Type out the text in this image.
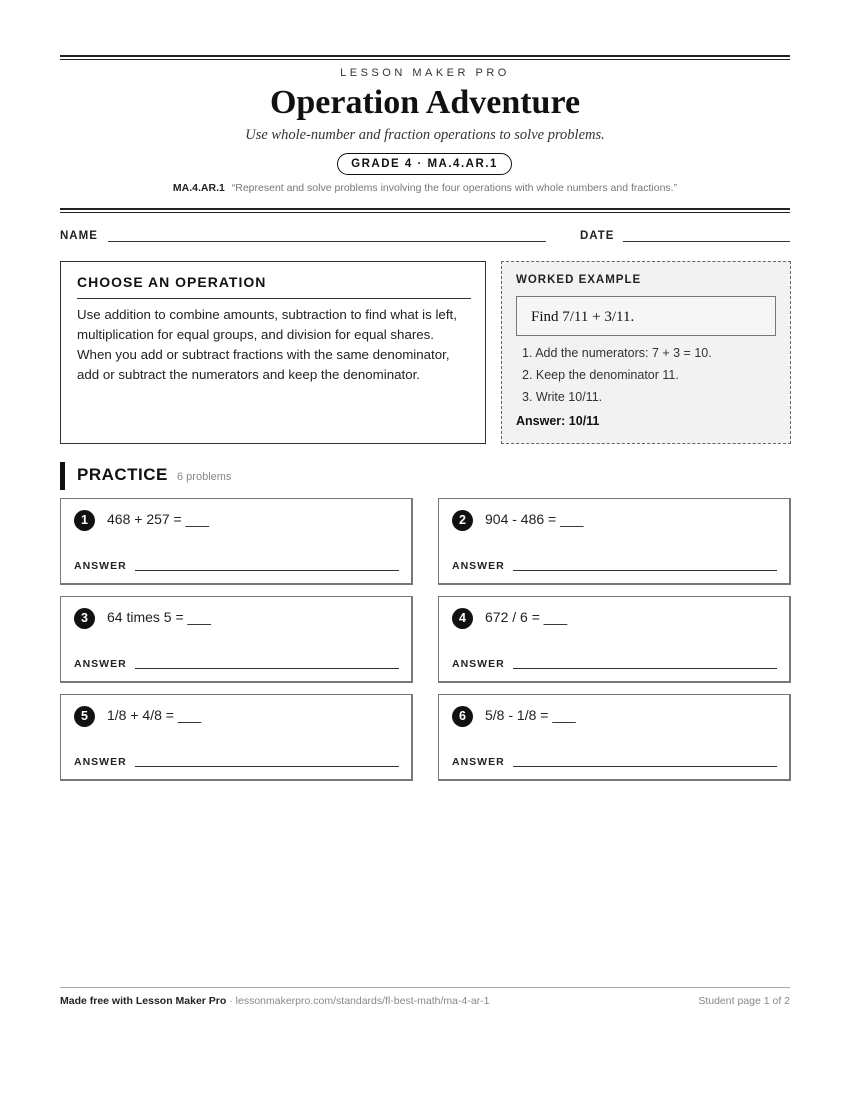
LESSON MAKER PRO
Operation Adventure
Use whole-number and fraction operations to solve problems.
GRADE 4 · MA.4.AR.1
MA.4.AR.1 “Represent and solve problems involving the four operations with whole numbers and fractions.”
NAME	DATE
CHOOSE AN OPERATION

Use addition to combine amounts, subtraction to find what is left, multiplication for equal groups, and division for equal shares. When you add or subtract fractions with the same denominator, add or subtract the numerators and keep the denominator.

WORKED EXAMPLE
Find 7/11 + 3/11.
1. Add the numerators: 7 + 3 = 10.
2. Keep the denominator 11.
3. Write 10/11.
Answer: 10/11
PRACTICE 6 problems
1	468 + 257 = ___
ANSWER
2	904 - 486 = ___
ANSWER
3	64 times 5 = ___
ANSWER
4	672 / 6 = ___
ANSWER
5	1/8 + 4/8 = ___
ANSWER
6	5/8 - 1/8 = ___
ANSWER
Made free with Lesson Maker Pro · lessonmakerpro.com/standards/fl-best-math/ma-4-ar-1	Student page 1 of 2
